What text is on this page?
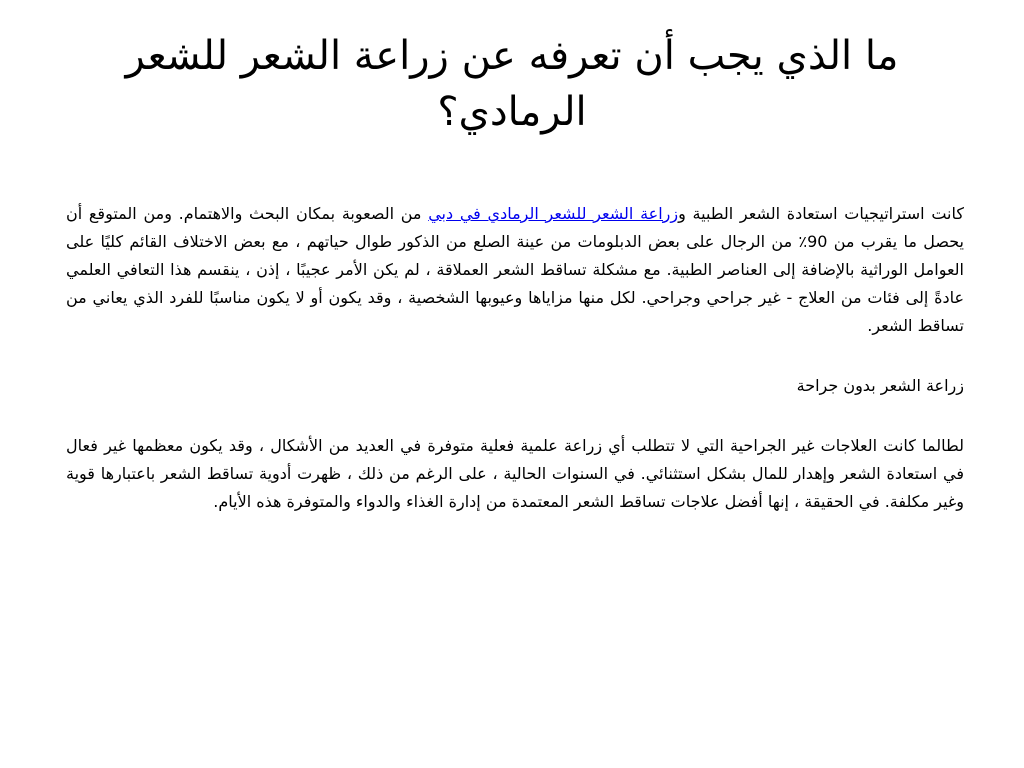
ما الذي يجب أن تعرفه عن زراعة الشعر للشعر الرمادي؟

كانت استراتيجيات استعادة الشعر الطبية وزراعة الشعر للشعر الرمادي في دبي من الصعوبة بمكان البحث والاهتمام. ومن المتوقع أن يحصل ما يقرب من 90٪ من الرجال على بعض الدبلومات من عينة الصلع من الذكور طوال حياتهم ، مع بعض الاختلاف القائم كليًا على العوامل الوراثية بالإضافة إلى العناصر الطبية. مع مشكلة تساقط الشعر العملاقة ، لم يكن الأمر عجيبًا ، إذن ، ينقسم هذا التعافي العلمي عادةً إلى فئات من العلاج - غير جراحي وجراحي. لكل منها مزاياها وعيوبها الشخصية ، وقد يكون أو لا يكون مناسبًا للفرد الذي يعاني من تساقط الشعر.

زراعة الشعر بدون جراحة

لطالما كانت العلاجات غير الجراحية التي لا تتطلب أي زراعة علمية فعلية متوفرة في العديد من الأشكال ، وقد يكون معظمها غير فعال في استعادة الشعر وإهدار للمال بشكل استثنائي. في السنوات الحالية ، على الرغم من ذلك ، ظهرت أدوية تساقط الشعر باعتبارها قوية وغير مكلفة. في الحقيقة ، إنها أفضل علاجات تساقط الشعر المعتمدة من إدارة الغذاء والدواء والمتوفرة هذه الأيام.
